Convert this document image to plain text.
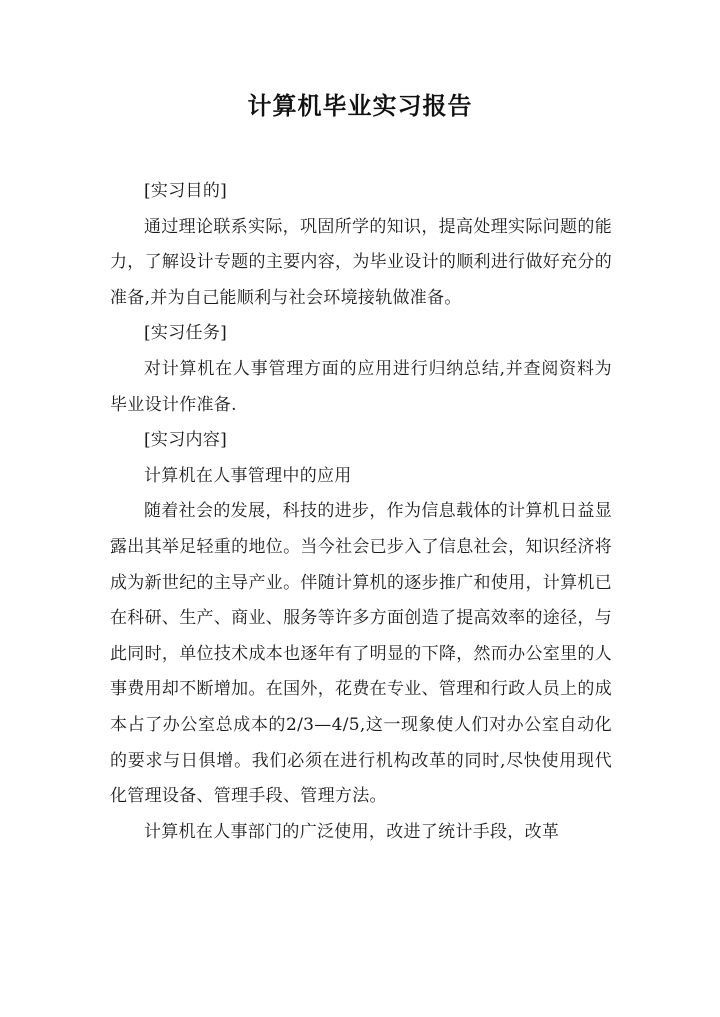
计算机毕业实习报告

[实习目的]

通过理论联系实际，巩固所学的知识，提高处理实际问题的能力，了解设计专题的主要内容，为毕业设计的顺利进行做好充分的准备,并为自己能顺利与社会环境接轨做准备。

[实习任务]

对计算机在人事管理方面的应用进行归纳总结,并查阅资料为毕业设计作准备.

[实习内容]

计算机在人事管理中的应用

随着社会的发展，科技的进步，作为信息载体的计算机日益显露出其举足轻重的地位。当今社会已步入了信息社会，知识经济将成为新世纪的主导产业。伴随计算机的逐步推广和使用，计算机已在科研、生产、商业、服务等许多方面创造了提高效率的途径，与此同时，单位技术成本也逐年有了明显的下降，然而办公室里的人事费用却不断增加。在国外，花费在专业、管理和行政人员上的成本占了办公室总成本的2/3—4/5,这一现象使人们对办公室自动化的要求与日俱增。我们必须在进行机构改革的同时,尽快使用现代化管理设备、管理手段、管理方法。

计算机在人事部门的广泛使用，改进了统计手段，改革
